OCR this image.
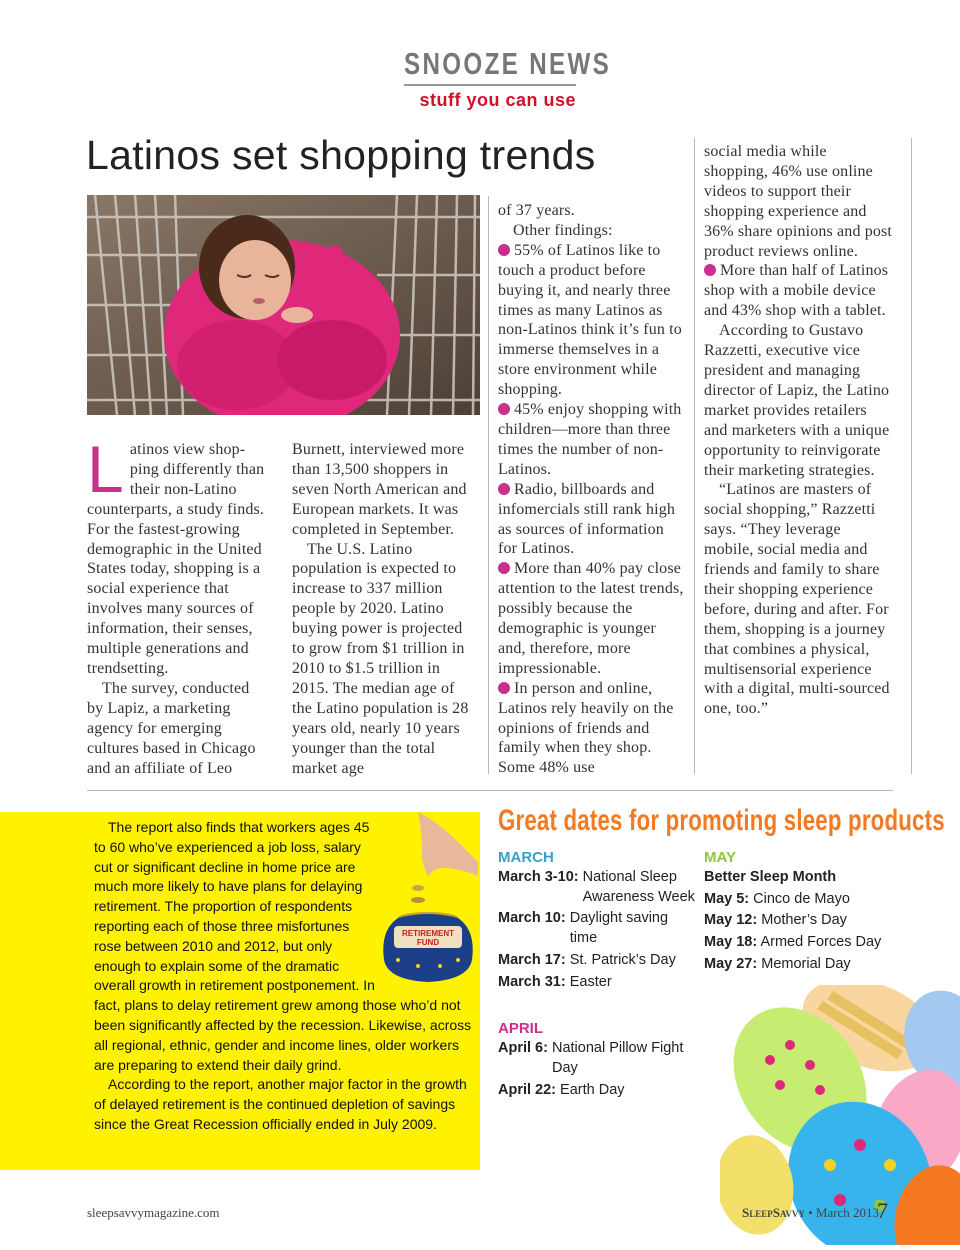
SNOOZE NEWS
stuff you can use
Latinos set shopping trends

Latinos view shop-ping differently than their non-Latino counterparts, a study finds. For the fastest-growing demographic in the United States today, shopping is a social experience that involves many sources of information, their senses, multiple generations and trendsetting.

The survey, conducted by Lapiz, a marketing agency for emerging cultures based in Chicago and an affiliate of Leo

Burnett, interviewed more than 13,500 shoppers in seven North American and European markets. It was completed in September.

The U.S. Latino population is expected to increase to 337 million people by 2020. Latino buying power is projected to grow from $1 trillion in 2010 to $1.5 trillion in 2015. The median age of the Latino population is 28 years old, nearly 10 years younger than the total market age

of 37 years.

Other findings:

55% of Latinos like to touch a product before buying it, and nearly three times as many Latinos as non-Latinos think it’s fun to immerse themselves in a store environment while shopping.

45% enjoy shopping with children—more than three times the number of non-Latinos.

Radio, billboards and infomercials still rank high as sources of information for Latinos.

More than 40% pay close attention to the latest trends, possibly because the demographic is younger and, therefore, more impressionable.

In person and online, Latinos rely heavily on the opinions of friends and family when they shop. Some 48% use

social media while shopping, 46% use online videos to support their shopping experience and 36% share opinions and post product reviews online.

More than half of Latinos shop with a mobile device and 43% shop with a tablet.

According to Gustavo Razzetti, executive vice president and managing director of Lapiz, the Latino market provides retailers and marketers with a unique opportunity to reinvigorate their marketing strategies.

“Latinos are masters of social shopping,” Razzetti says. “They leverage mobile, social media and friends and family to share their shopping experience before, during and after. For them, shopping is a journey that combines a physical, multisensorial experience with a digital, multi-sourced one, too.”

The report also finds that workers ages 45 to 60 who’ve experienced a job loss, salary cut or significant decline in home price are much more likely to have plans for delaying retirement. The proportion of respondents reporting each of those three misfortunes rose between 2010 and 2012, but only enough to explain some of the dramatic overall growth in retirement postponement. In fact, plans to delay retirement grew among those who’d not been significantly affected by the recession. Likewise, across all regional, ethnic, gender and income lines, older workers are preparing to extend their daily grind.

According to the report, another major factor in the growth of delayed retirement is the continued depletion of savings since the Great Recession officially ended in July 2009.

RETIREMENT
FUND
Great dates for promoting sleep products
MARCH
March 3-10:
National Sleep Awareness Week
March 10:
Daylight saving time
March 17:
St. Patrick’s Day
March 31:
Easter
APRIL
April 6:
National Pillow Fight Day
April 22:
Earth Day
MAY
Better Sleep Month
May 5: Cinco de Mayo
May 12: Mother’s Day
May 18: Armed Forces Day
May 27: Memorial Day
sleepsavvymagazine.com	SleepSavvy • March 2013
7
